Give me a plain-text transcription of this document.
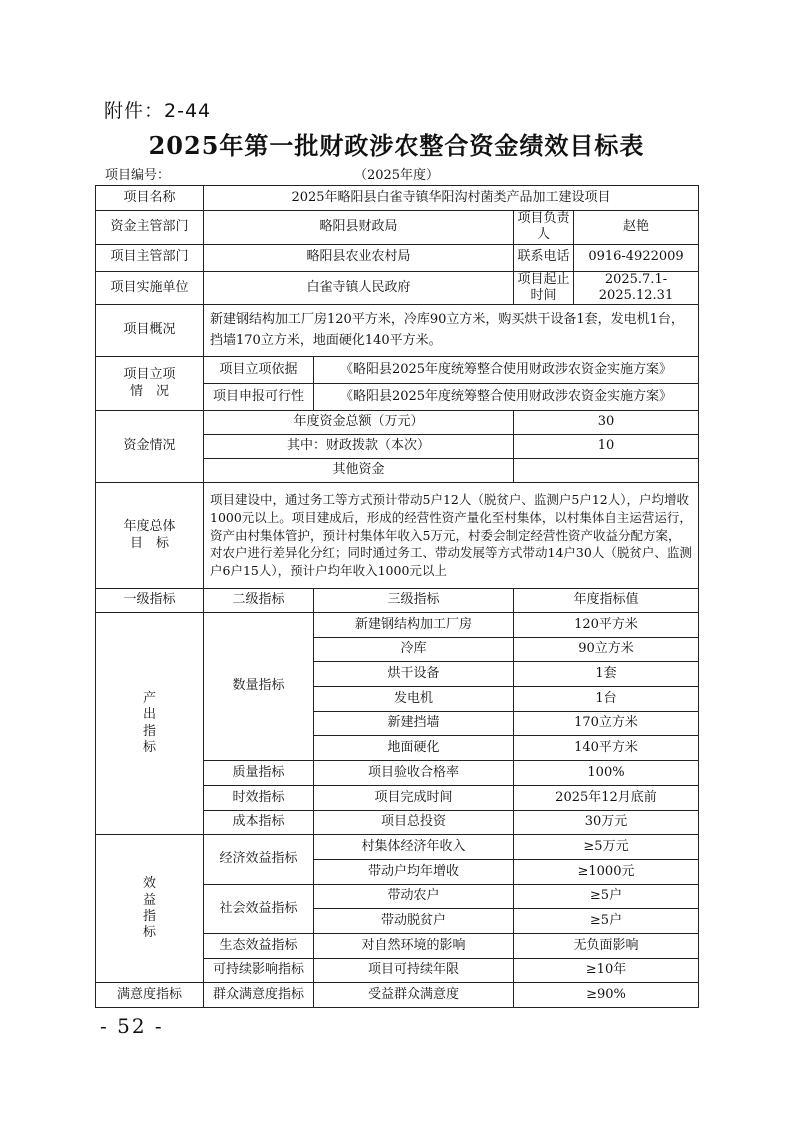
附件：2-44
2025年第一批财政涉农整合资金绩效目标表
项目编号：	（2025年度）
项目名称	2025年略阳县白雀寺镇华阳沟村菌类产品加工建设项目			
资金主管部门	略阳县财政局		项目负责人	赵艳
项目主管部门	略阳县农业农村局		联系电话	0916-4922009
项目实施单位	白雀寺镇人民政府		项目起止时间	2025.7.1-2025.12.31
项目概况	新建钢结构加工厂房120平方米，冷库90立方米，购买烘干设备1套，发电机1台，挡墙170立方米，地面硬化140平方米。			

项目立项
情　况	项目立项依据	《略阳县2025年度统筹整合使用财政涉农资金实施方案》		
	项目申报可行性	《略阳县2025年度统筹整合使用财政涉农资金实施方案》		
资金情况	年度资金总额（万元）		30	
	其中：财政拨款（本次）		10	
	其他资金			

年度总体
目　标	项目建设中，通过务工等方式预计带动5户12人（脱贫户、监测户5户12人），户均增收1000元以上。项目建成后，形成的经营性资产量化至村集体，以村集体自主运营运行，资产由村集体管护，预计村集体年收入5万元，村委会制定经营性资产收益分配方案，对农户进行差异化分红；同时通过务工、带动发展等方式带动14户30人（脱贫户、监测户6户15人），预计户均年收入1000元以上			
一级指标	二级指标	三级指标	年度指标值	

产
出
指
标	数量指标	新建钢结构加工厂房	120平方米	
		冷库	90立方米	
		烘干设备	1套	
		发电机	1台	
		新建挡墙	170立方米	
		地面硬化	140平方米	
	质量指标	项目验收合格率	100%	
	时效指标	项目完成时间	2025年12月底前	
	成本指标	项目总投资	30万元	

效
益
指
标	经济效益指标	村集体经济年收入	≥5万元	
		带动户均年增收	≥1000元	
	社会效益指标	带动农户	≥5户	
		带动脱贫户	≥5户	
	生态效益指标	对自然环境的影响	无负面影响	
	可持续影响指标	项目可持续年限	≥10年	
满意度指标	群众满意度指标	受益群众满意度	≥90%	
- 52 -
